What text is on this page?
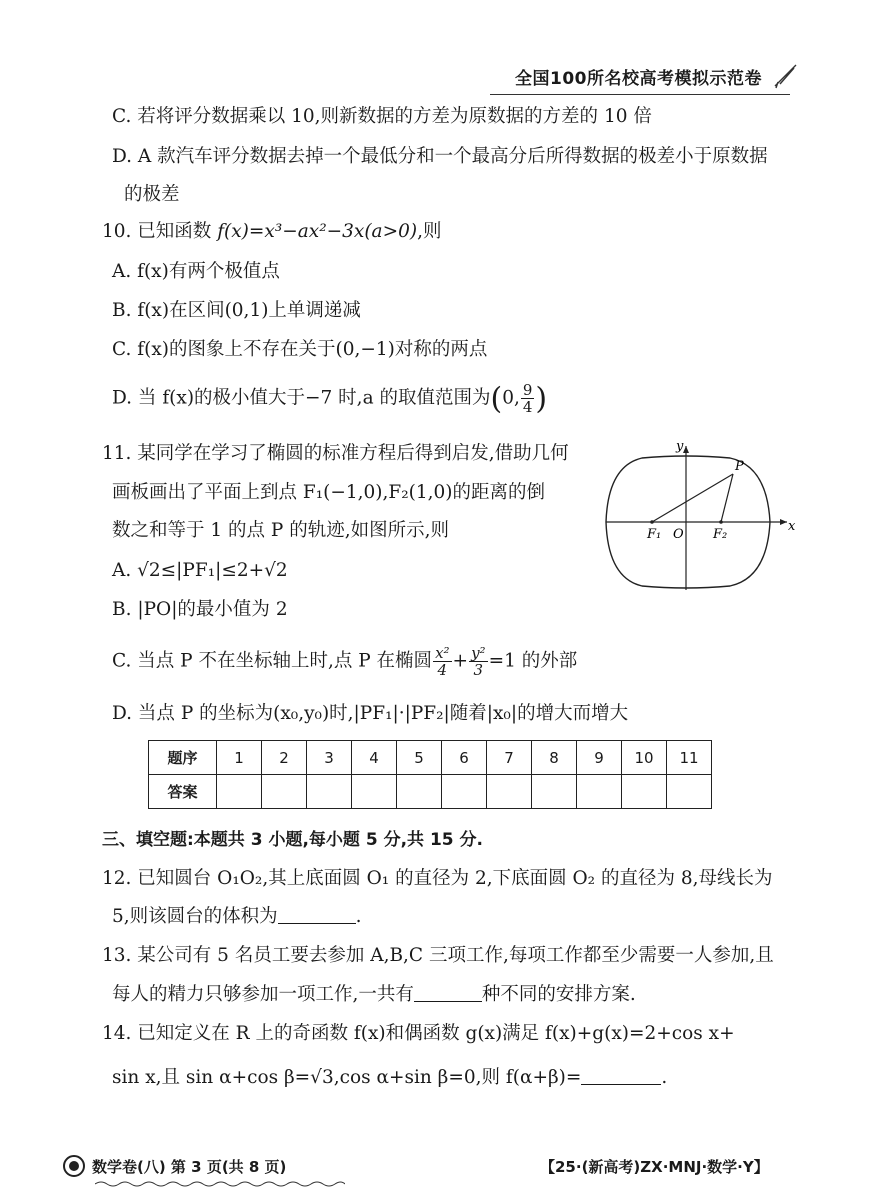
全国100所名校高考模拟示范卷
C. 若将评分数据乘以 10,则新数据的方差为原数据的方差的 10 倍
D. A 款汽车评分数据去掉一个最低分和一个最高分后所得数据的极差小于原数据
的极差
10. 已知函数 f(x)=x³−ax²−3x(a>0),则
A. f(x)有两个极值点
B. f(x)在区间(0,1)上单调递减
C. f(x)的图象上不存在关于(0,−1)对称的两点
D. 当 f(x)的极小值大于−7 时,a 的取值范围为(0, $\frac{9}{4}$ )
11. 某同学在学习了椭圆的标准方程后得到启发,借助几何
画板画出了平面上到点 F₁(−1,0),F₂(1,0)的距离的倒
数之和等于 1 的点 P 的轨迹,如图所示,则
A. √2≤|PF₁|≤2+√2
B. |PO|的最小值为 2
C. 当点 P 不在坐标轴上时,点 P 在椭圆 $\frac{\text{x²}}{4} + \frac{\text{y²}}{3} =1$ 的外部
D. 当点 P 的坐标为(x₀,y₀)时,|PF₁|·|PF₂|随着|x₀|的增大而增大
y
x
P
O
F₁	F₂
题序	1	2	3	4	5	6	7	8	9	10	11
答案											
三、填空题:本题共 3 小题,每小题 5 分,共 15 分.
12. 已知圆台 O₁O₂,其上底面圆 O₁ 的直径为 2,下底面圆 O₂ 的直径为 8,母线长为
5,则该圆台的体积为	.
13. 某公司有 5 名员工要去参加 A,B,C 三项工作,每项工作都至少需要一人参加,且
每人的精力只够参加一项工作,一共有	种不同的安排方案.
14. 已知定义在 R 上的奇函数 f(x)和偶函数 g(x)满足 f(x)+g(x)=2+cos x+
sin x,且 sin α+cos β=√3,cos α+sin β=0,则 f(α+β)=	.
数学卷(八) 第 3 页(共 8 页)	【25·(新高考)ZX·MNJ·数学·Y】
